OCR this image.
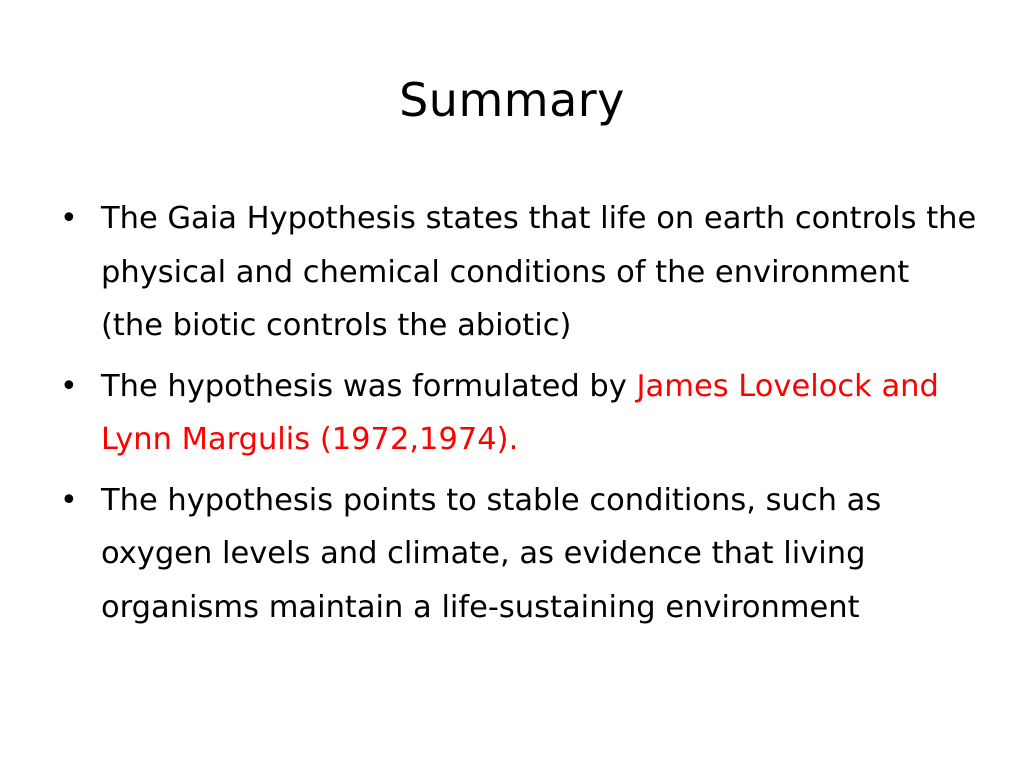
Summary
• The Gaia Hypothesis states that life on earth controls the physical and chemical conditions of the environment (the biotic controls the abiotic)
• The hypothesis was formulated by James Lovelock and Lynn Margulis (1972,1974).
• The hypothesis points to stable conditions, such as oxygen levels and climate, as evidence that living organisms maintain a life-sustaining environment
